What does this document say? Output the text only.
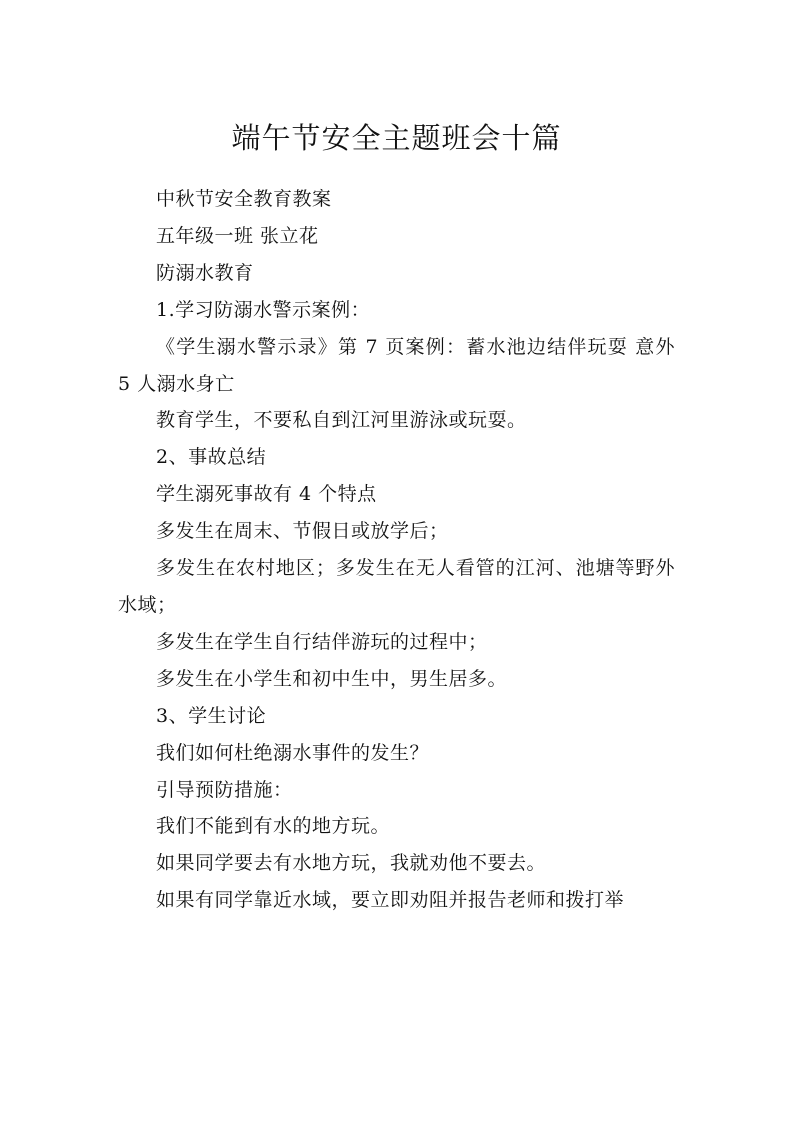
端午节安全主题班会十篇

中秋节安全教育教案

五年级一班 张立花

防溺水教育

1.学习防溺水警示案例：

《学生溺水警示录》第 7 页案例：蓄水池边结伴玩耍 意外 5 人溺水身亡

教育学生，不要私自到江河里游泳或玩耍。

2、事故总结

学生溺死事故有 4 个特点

多发生在周末、节假日或放学后；

多发生在农村地区；多发生在无人看管的江河、池塘等野外水域；

多发生在学生自行结伴游玩的过程中；

多发生在小学生和初中生中，男生居多。

3、学生讨论

我们如何杜绝溺水事件的发生？

引导预防措施：

我们不能到有水的地方玩。

如果同学要去有水地方玩，我就劝他不要去。

如果有同学靠近水域，要立即劝阻并报告老师和拨打举
